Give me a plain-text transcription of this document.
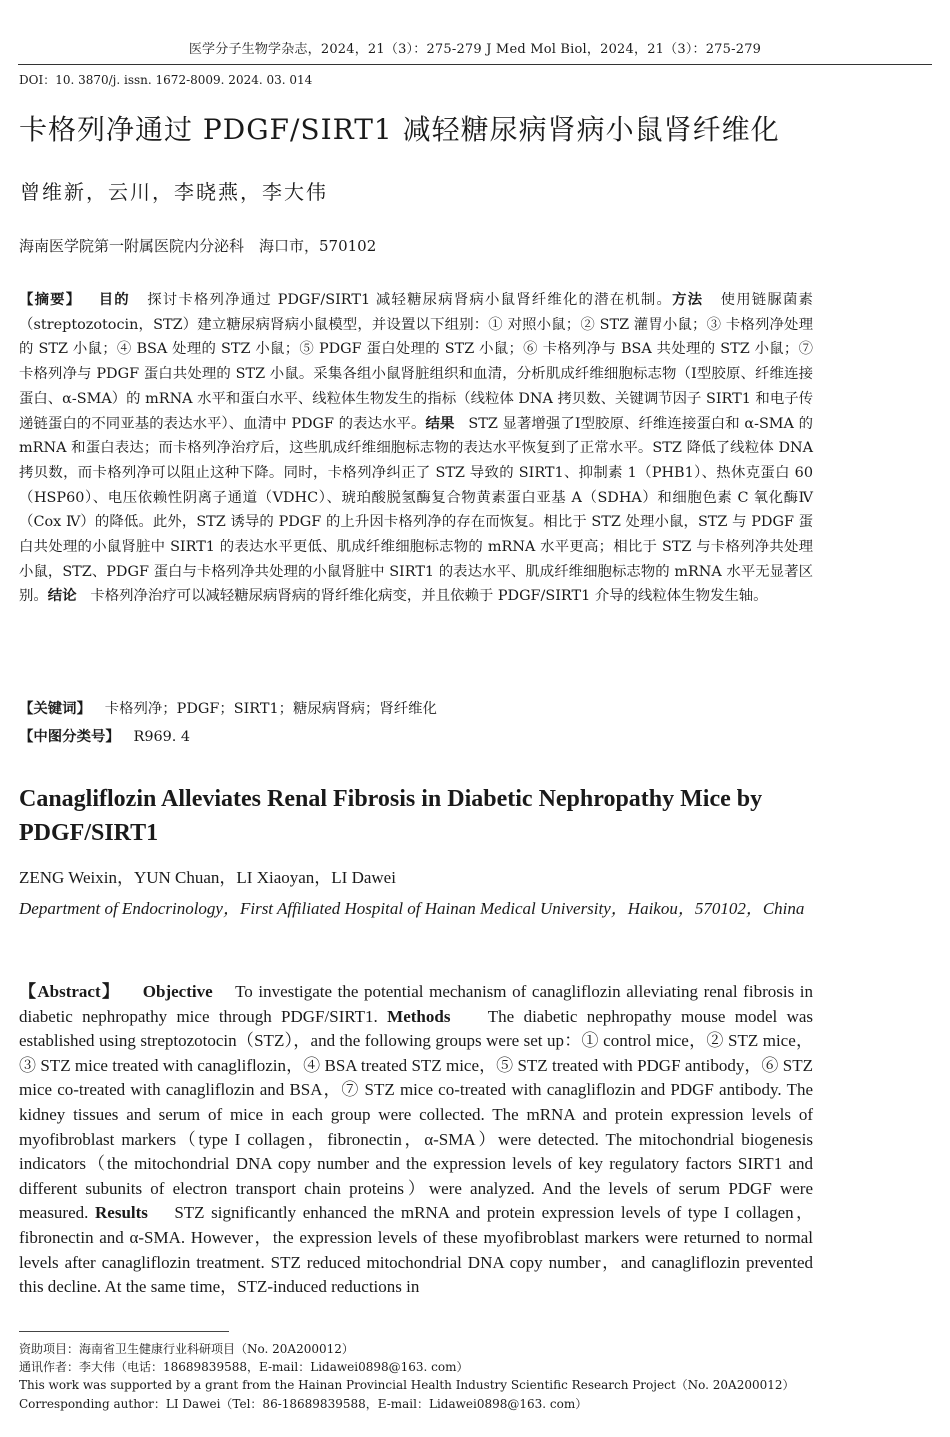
医学分子生物学杂志，2024，21（3）：275-279 J Med Mol Biol，2024，21（3）：275-279
DOI：10. 3870/j. issn. 1672-8009. 2024. 03. 014
卡格列净通过 PDGF/SIRT1 减轻糖尿病肾病小鼠肾纤维化
曾维新，云川，李晓燕，李大伟
海南医学院第一附属医院内分泌科　海口市，570102

【摘要】 目的 探讨卡格列净通过 PDGF/SIRT1 减轻糖尿病肾病小鼠肾纤维化的潜在机制。方法 使用链脲菌素（streptozotocin，STZ）建立糖尿病肾病小鼠模型，并设置以下组别：① 对照小鼠；② STZ 灌胃小鼠；③ 卡格列净处理的 STZ 小鼠；④ BSA 处理的 STZ 小鼠；⑤ PDGF 蛋白处理的 STZ 小鼠；⑥ 卡格列净与 BSA 共处理的 STZ 小鼠；⑦ 卡格列净与 PDGF 蛋白共处理的 STZ 小鼠。采集各组小鼠肾脏组织和血清，分析肌成纤维细胞标志物（Ⅰ型胶原、纤维连接蛋白、α-SMA）的 mRNA 水平和蛋白水平、线粒体生物发生的指标（线粒体 DNA 拷贝数、关键调节因子 SIRT1 和电子传递链蛋白的不同亚基的表达水平）、血清中 PDGF 的表达水平。结果 STZ 显著增强了Ⅰ型胶原、纤维连接蛋白和 α-SMA 的 mRNA 和蛋白表达；而卡格列净治疗后，这些肌成纤维细胞标志物的表达水平恢复到了正常水平。STZ 降低了线粒体 DNA 拷贝数，而卡格列净可以阻止这种下降。同时，卡格列净纠正了 STZ 导致的 SIRT1、抑制素 1（PHB1）、热休克蛋白 60（HSP60）、电压依赖性阴离子通道（VDHC）、琥珀酸脱氢酶复合物黄素蛋白亚基 A（SDHA）和细胞色素 C 氧化酶Ⅳ（Cox Ⅳ）的降低。此外，STZ 诱导的 PDGF 的上升因卡格列净的存在而恢复。相比于 STZ 处理小鼠，STZ 与 PDGF 蛋白共处理的小鼠肾脏中 SIRT1 的表达水平更低、肌成纤维细胞标志物的 mRNA 水平更高；相比于 STZ 与卡格列净共处理小鼠，STZ、PDGF 蛋白与卡格列净共处理的小鼠肾脏中 SIRT1 的表达水平、肌成纤维细胞标志物的 mRNA 水平无显著区别。结论 卡格列净治疗可以减轻糖尿病肾病的肾纤维化病变，并且依赖于 PDGF/SIRT1 介导的线粒体生物发生轴。

【关键词】 卡格列净；PDGF；SIRT1；糖尿病肾病；肾纤维化
【中图分类号】 R969. 4
Canagliflozin Alleviates Renal Fibrosis in Diabetic Nephropathy Mice by PDGF/SIRT1
ZENG Weixin，YUN Chuan，LI Xiaoyan，LI Dawei

Department of Endocrinology，First Affiliated Hospital of Hainan Medical University，Haikou，570102，China

【Abstract】 Objective To investigate the potential mechanism of canagliflozin alleviating renal fibrosis in diabetic nephropathy mice through PDGF/SIRT1. Methods The diabetic nephropathy mouse model was established using streptozotocin（STZ），and the following groups were set up：① control mice，② STZ mice，③ STZ mice treated with canagliflozin，④ BSA treated STZ mice，⑤ STZ treated with PDGF antibody，⑥ STZ mice co-treated with canagliflozin and BSA，⑦ STZ mice co-treated with canagliflozin and PDGF antibody. The kidney tissues and serum of mice in each group were collected. The mRNA and protein expression levels of myofibroblast markers（type I collagen，fibronectin，α-SMA）were detected. The mitochondrial biogenesis indicators（the mitochondrial DNA copy number and the expression levels of key regulatory factors SIRT1 and different subunits of electron transport chain proteins）were analyzed. And the levels of serum PDGF were measured. Results STZ significantly enhanced the mRNA and protein expression levels of type I collagen，fibronectin and α-SMA. However，the expression levels of these myofibroblast markers were returned to normal levels after canagliflozin treatment. STZ reduced mitochondrial DNA copy number，and canagliflozin prevented this decline. At the same time，STZ-induced reductions in

资助项目：海南省卫生健康行业科研项目（No. 20A200012）
通讯作者：李大伟（电话：18689839588，E-mail：Lidawei0898@163. com）
This work was supported by a grant from the Hainan Provincial Health Industry Scientific Research Project（No. 20A200012）
Corresponding author：LI Dawei（Tel：86-18689839588，E-mail：Lidawei0898@163. com）
